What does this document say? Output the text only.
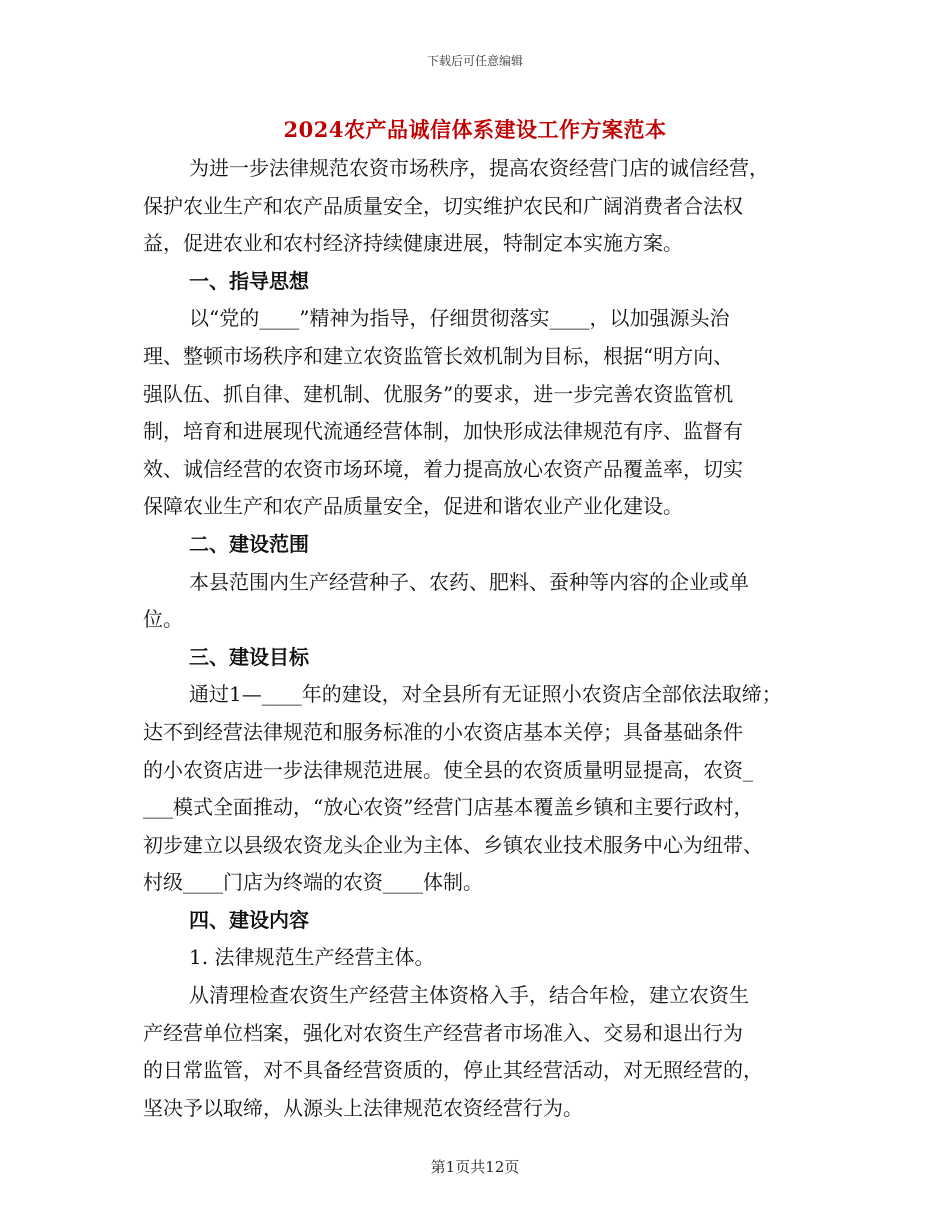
下载后可任意编辑
2024农产品诚信体系建设工作方案范本
为进一步法律规范农资市场秩序，提高农资经营门店的诚信经营，
保护农业生产和农产品质量安全，切实维护农民和广阔消费者合法权
益，促进农业和农村经济持续健康进展，特制定本实施方案。
一、指导思想
以“党的____”精神为指导，仔细贯彻落实____，以加强源头治
理、整顿市场秩序和建立农资监管长效机制为目标，根据“明方向、
强队伍、抓自律、建机制、优服务”的要求，进一步完善农资监管机
制，培育和进展现代流通经营体制，加快形成法律规范有序、监督有
效、诚信经营的农资市场环境，着力提高放心农资产品覆盖率，切实
保障农业生产和农产品质量安全，促进和谐农业产业化建设。
二、建设范围
本县范围内生产经营种子、农药、肥料、蚕种等内容的企业或单
位。
三、建设目标
通过1—____年的建设，对全县所有无证照小农资店全部依法取缔；
达不到经营法律规范和服务标准的小农资店基本关停；具备基础条件
的小农资店进一步法律规范进展。使全县的农资质量明显提高，农资_
___模式全面推动，“放心农资”经营门店基本覆盖乡镇和主要行政村，
初步建立以县级农资龙头企业为主体、乡镇农业技术服务中心为纽带、
村级____门店为终端的农资____体制。
四、建设内容
1. 法律规范生产经营主体。
从清理检查农资生产经营主体资格入手，结合年检，建立农资生
产经营单位档案，强化对农资生产经营者市场准入、交易和退出行为
的日常监管，对不具备经营资质的，停止其经营活动，对无照经营的，
坚决予以取缔，从源头上法律规范农资经营行为。
第1页共12页
